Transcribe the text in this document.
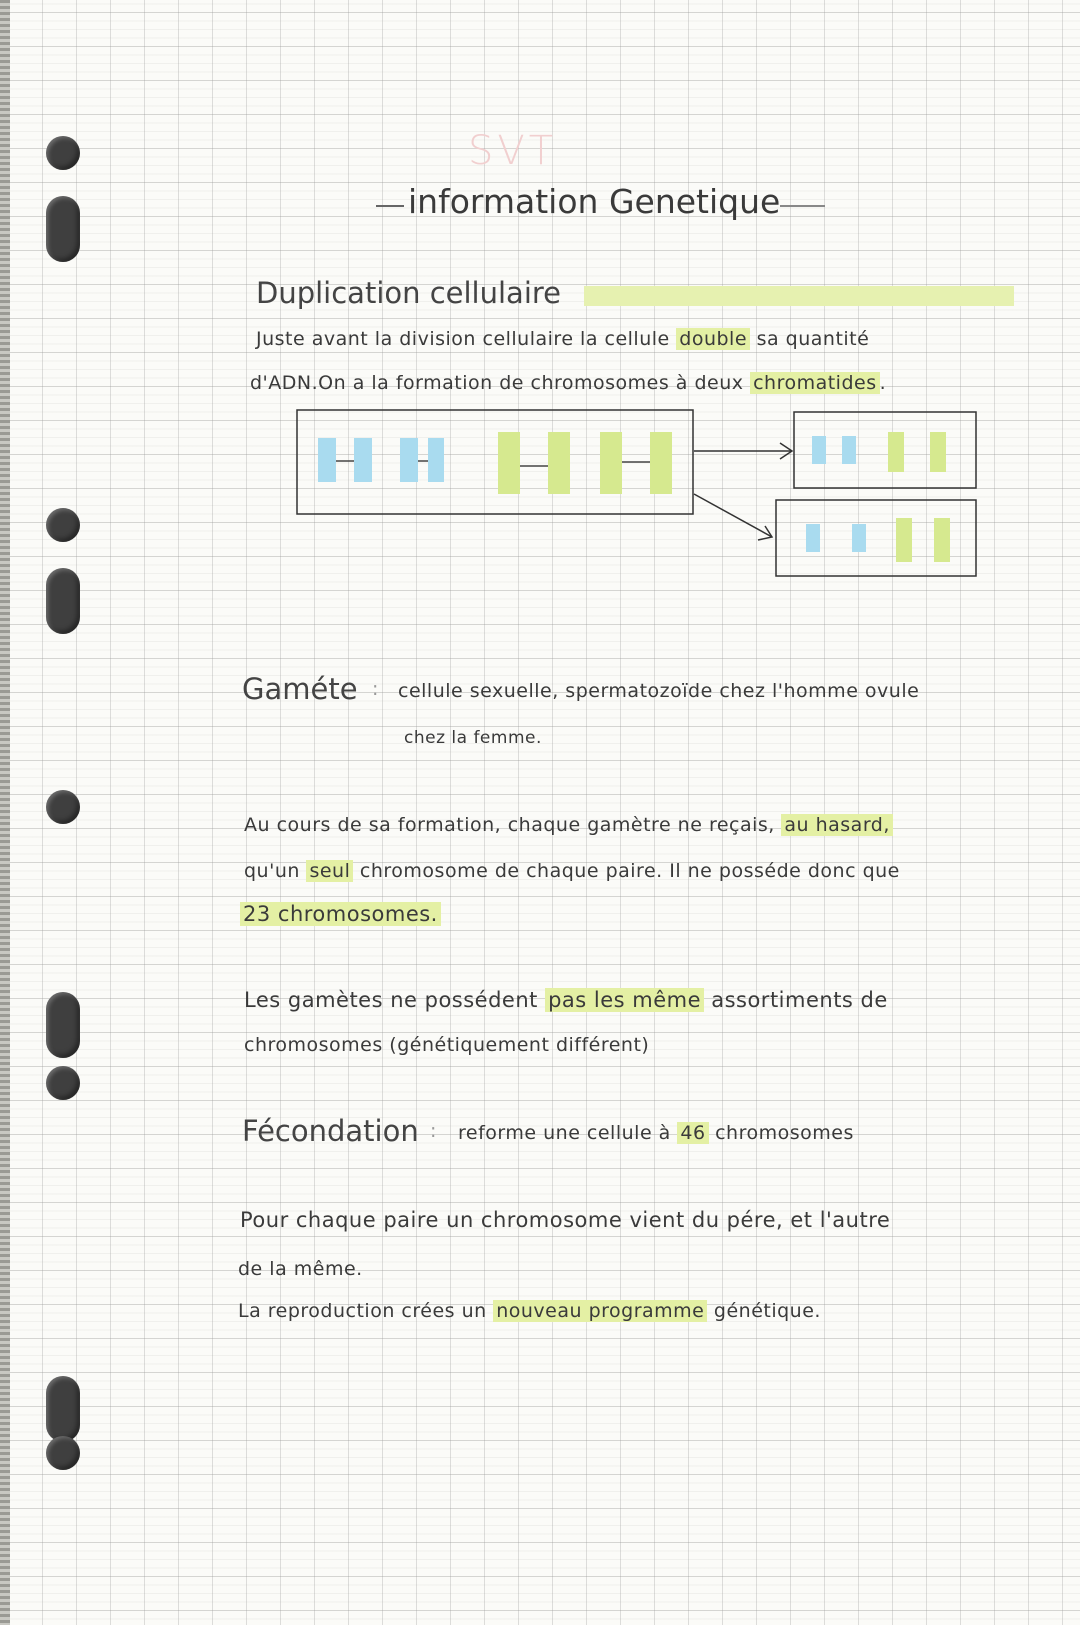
SVT
information Genetique
Duplication cellulaire
Juste avant la division cellulaire la cellule double sa quantité
d'ADN.On a la formation de chromosomes à deux chromatides .
Gaméte : cellule sexuelle, spermatozoïde chez l'homme ovule
chez la femme.
Au cours de sa formation, chaque gamètre ne reçais, au hasard,
qu'un seul chromosome de chaque paire. Il ne posséde donc que
23 chromosomes.
Les gamètes ne possédent pas les même assortiments de
chromosomes (génétiquement différent)
Fécondation : reforme une cellule à 46 chromosomes
Pour chaque paire un chromosome vient du pére, et l'autre
de la même.
La reproduction crées un nouveau programme génétique.
